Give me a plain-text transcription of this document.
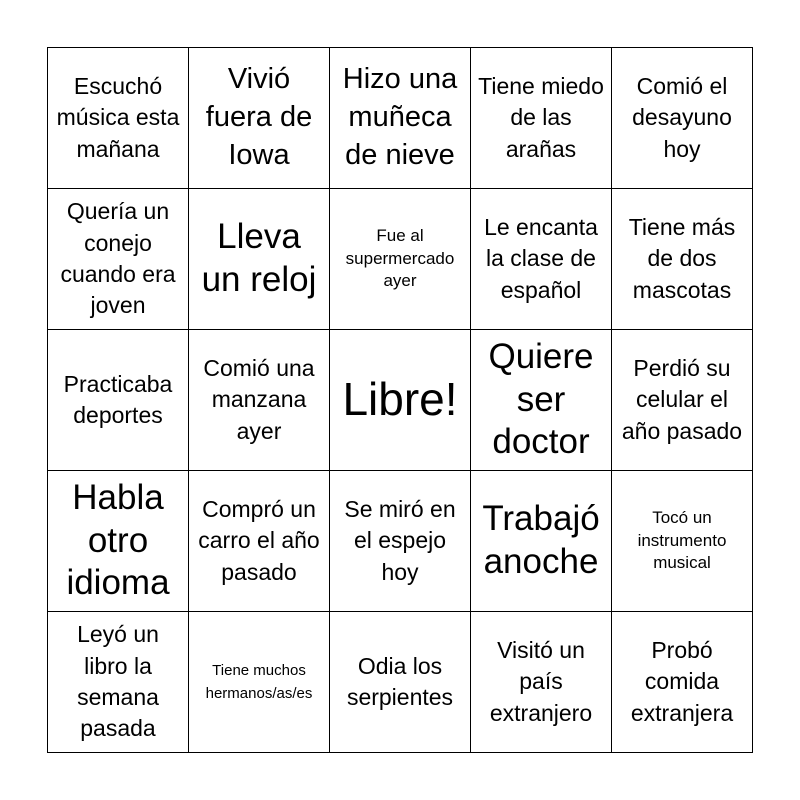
Escuchó música esta mañana
Vivió fuera de Iowa
Hizo una muñeca de nieve
Tiene miedo de las arañas
Comió el desayuno hoy
Quería un conejo cuando era joven
Lleva un reloj
Fue al supermercado ayer
Le encanta la clase de español
Tiene más de dos mascotas
Practicaba deportes
Comió una manzana ayer
Libre!
Quiere ser doctor
Perdió su celular el año pasado
Habla otro idioma
Compró un carro el año pasado
Se miró en el espejo hoy
Trabajó anoche
Tocó un instrumento musical
Leyó un libro la semana pasada
Tiene muchos hermanos/as/es
Odia los serpientes
Visitó un país extranjero
Probó comida extranjera
